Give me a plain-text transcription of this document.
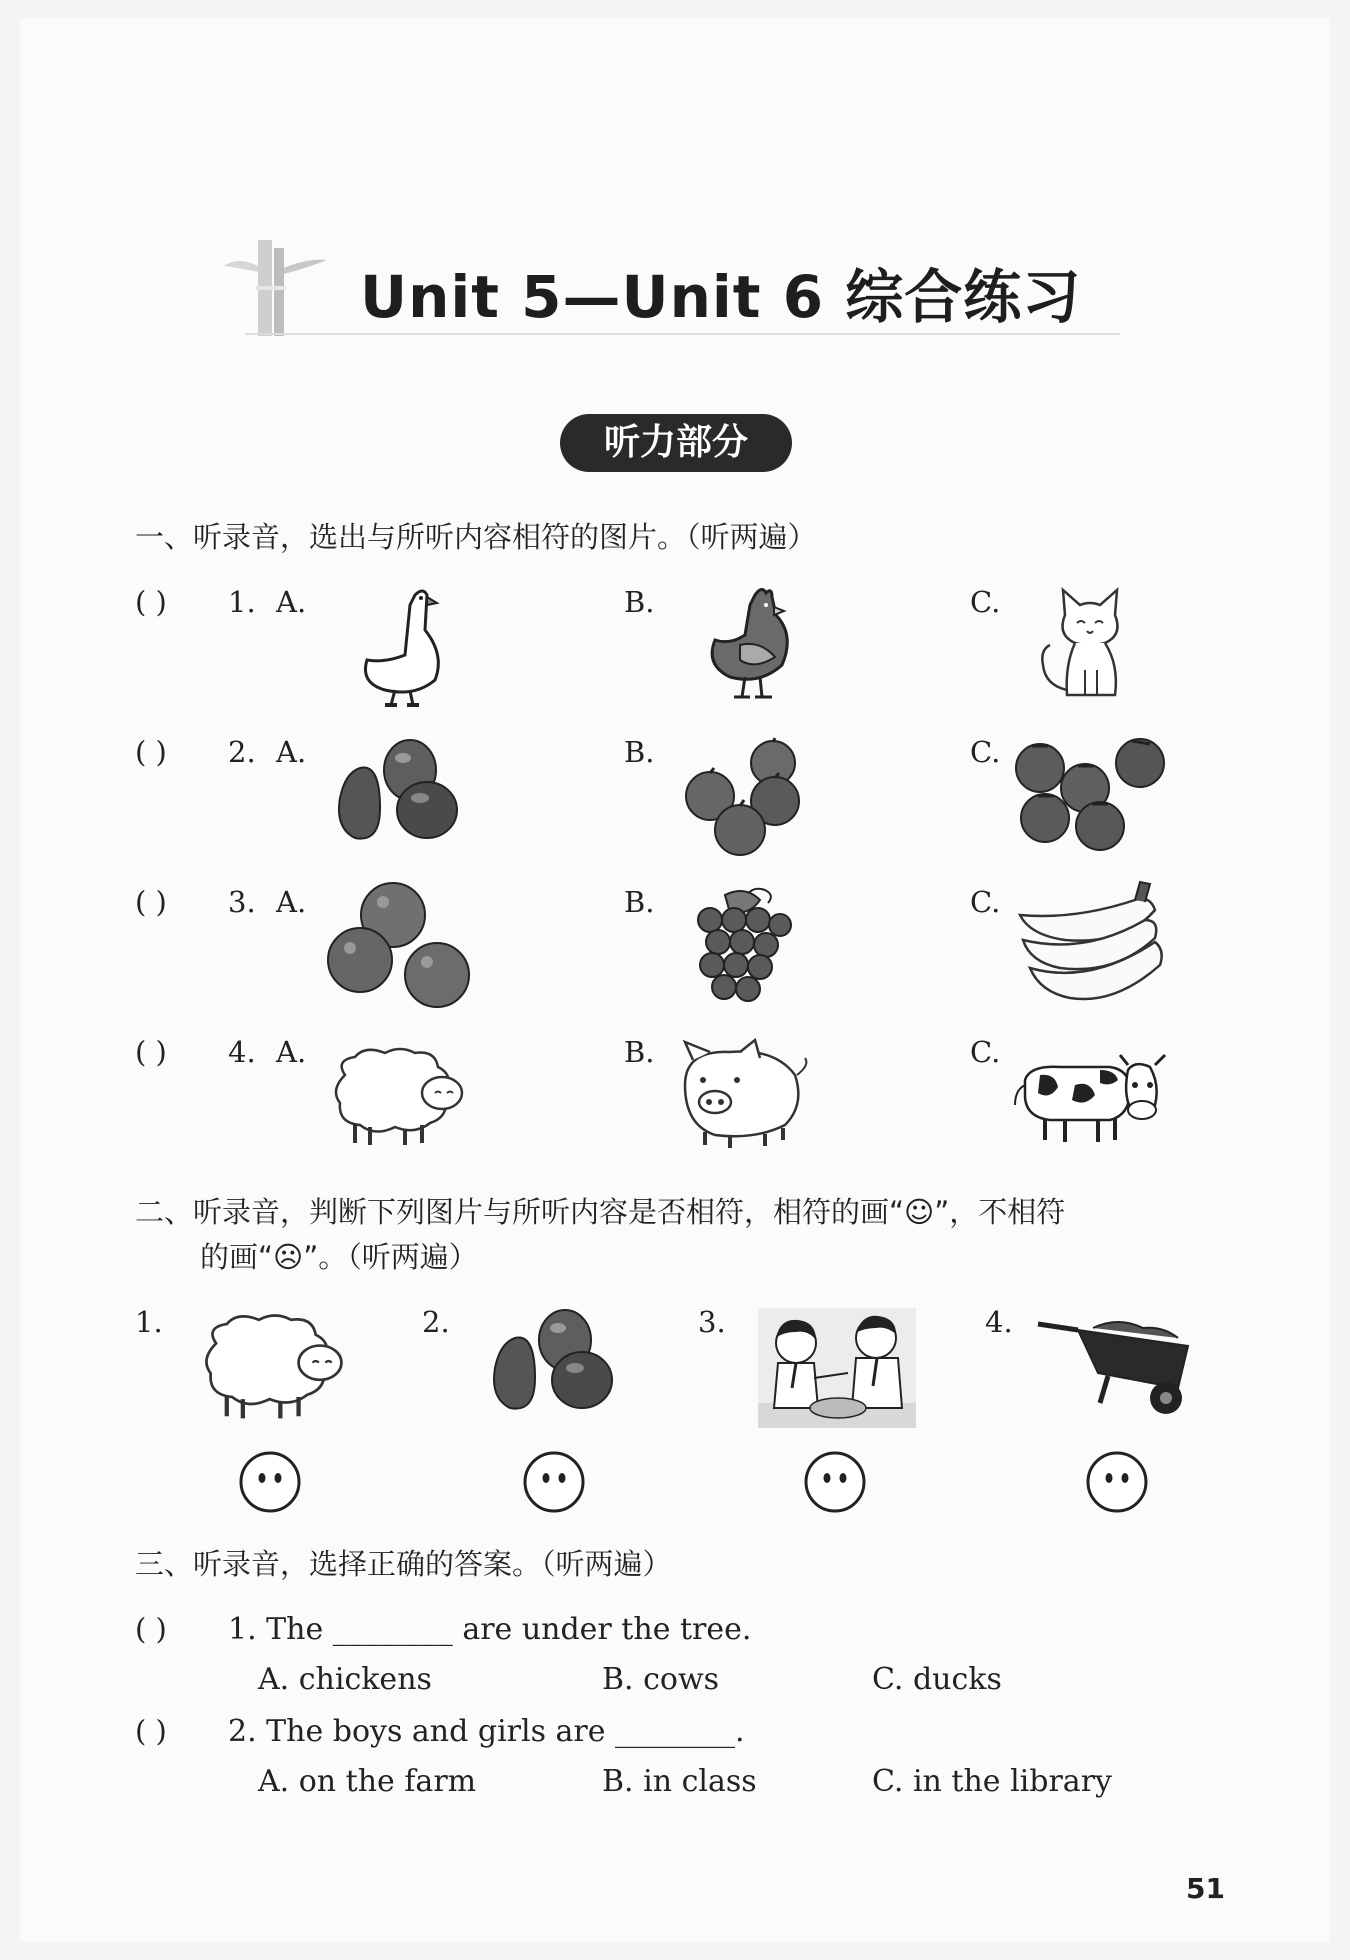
Unit 5—Unit 6 综合练习
听力部分
一、听录音，选出与所听内容相符的图片。（听两遍）
( ) 1. A.	B.	C.
( ) 2. A.	B.	C.
( ) 3. A.	B.	C.
( ) 4. A.	B.	C.
二、听录音，判断下列图片与所听内容是否相符，相符的画“☺”，不相符
的画“☹”。（听两遍）
1.	2.	3.	4.
三、听录音，选择正确的答案。（听两遍）
( ) 1. The ________ are under the tree.
A. chickens	B. cows	C. ducks
( ) 2. The boys and girls are ________.
A. on the farm	B. in class	C. in the library
51
